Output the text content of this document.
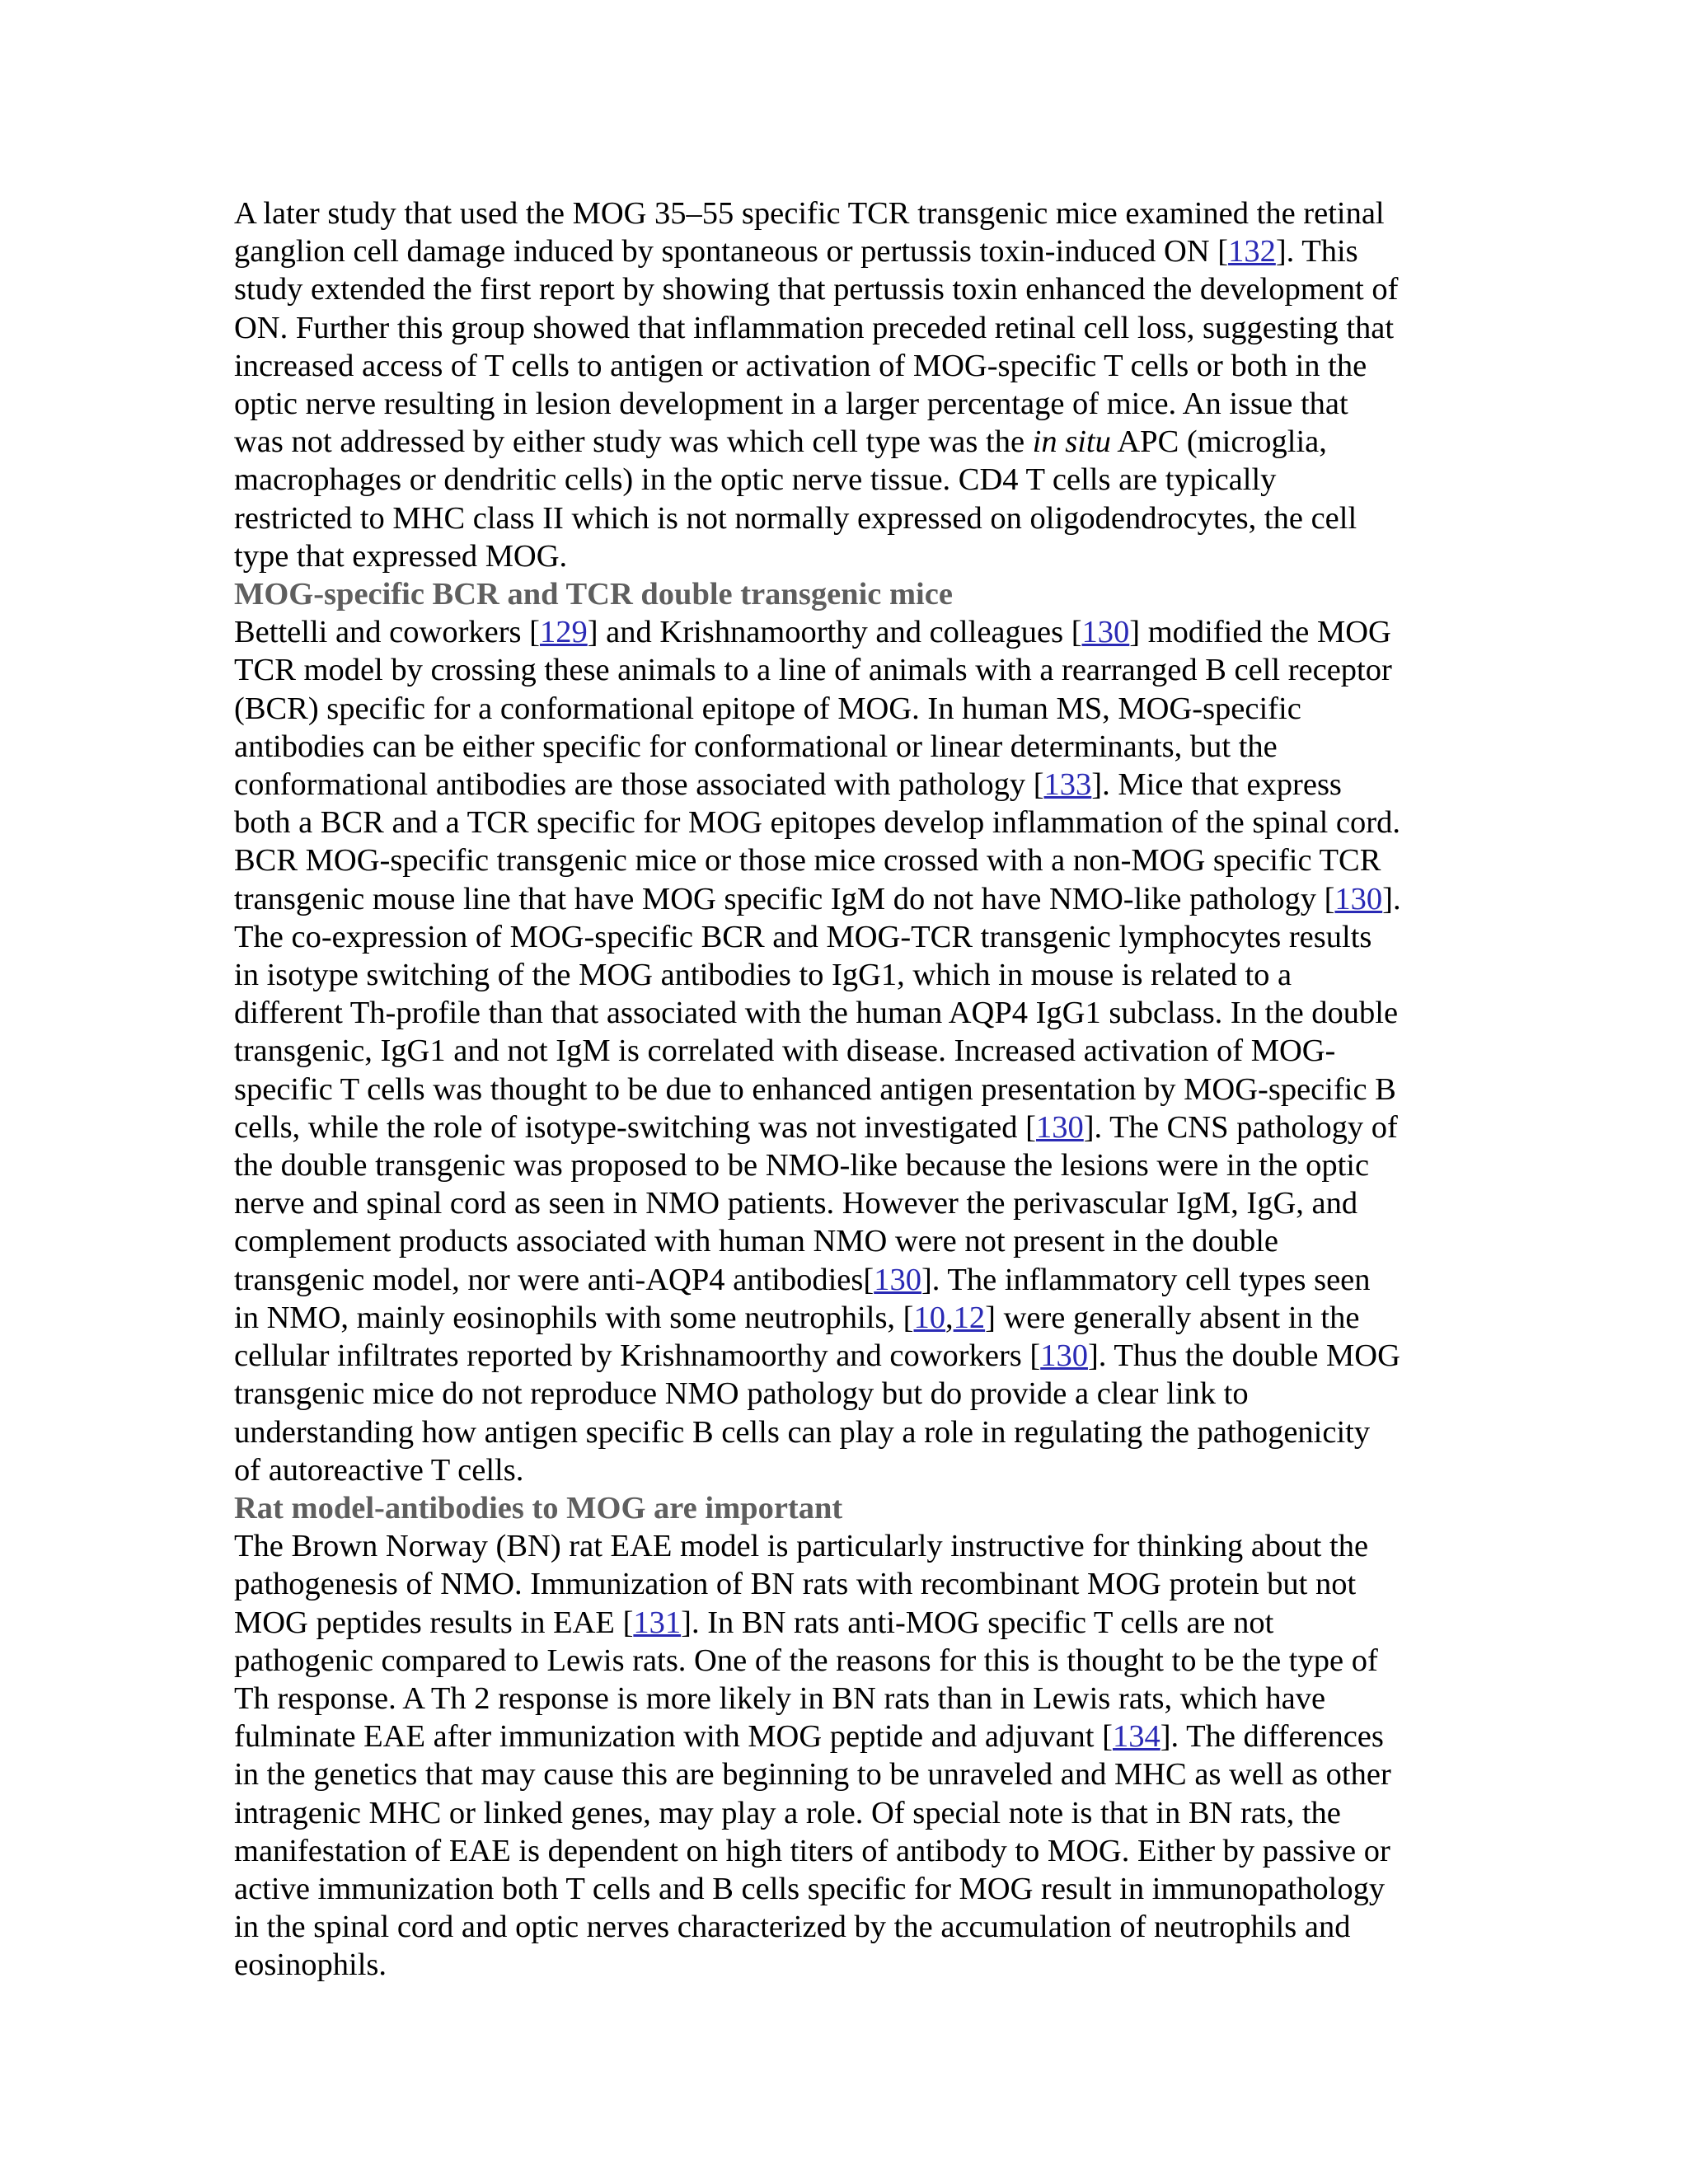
A later study that used the MOG 35–55 specific TCR transgenic mice examined the retinal
ganglion cell damage induced by spontaneous or pertussis toxin-induced ON [132]. This
study extended the first report by showing that pertussis toxin enhanced the development of
ON. Further this group showed that inflammation preceded retinal cell loss, suggesting that
increased access of T cells to antigen or activation of MOG-specific T cells or both in the
optic nerve resulting in lesion development in a larger percentage of mice. An issue that
was not addressed by either study was which cell type was the in situ APC (microglia,
macrophages or dendritic cells) in the optic nerve tissue. CD4 T cells are typically
restricted to MHC class II which is not normally expressed on oligodendrocytes, the cell
type that expressed MOG.
MOG-specific BCR and TCR double transgenic mice
Bettelli and coworkers [129] and Krishnamoorthy and colleagues [130] modified the MOG
TCR model by crossing these animals to a line of animals with a rearranged B cell receptor
(BCR) specific for a conformational epitope of MOG. In human MS, MOG-specific
antibodies can be either specific for conformational or linear determinants, but the
conformational antibodies are those associated with pathology [133]. Mice that express
both a BCR and a TCR specific for MOG epitopes develop inflammation of the spinal cord.
BCR MOG-specific transgenic mice or those mice crossed with a non-MOG specific TCR
transgenic mouse line that have MOG specific IgM do not have NMO-like pathology [130].
The co-expression of MOG-specific BCR and MOG-TCR transgenic lymphocytes results
in isotype switching of the MOG antibodies to IgG1, which in mouse is related to a
different Th-profile than that associated with the human AQP4 IgG1 subclass. In the double
transgenic, IgG1 and not IgM is correlated with disease. Increased activation of MOG-
specific T cells was thought to be due to enhanced antigen presentation by MOG-specific B
cells, while the role of isotype-switching was not investigated [130]. The CNS pathology of
the double transgenic was proposed to be NMO-like because the lesions were in the optic
nerve and spinal cord as seen in NMO patients. However the perivascular IgM, IgG, and
complement products associated with human NMO were not present in the double
transgenic model, nor were anti-AQP4 antibodies[130]. The inflammatory cell types seen
in NMO, mainly eosinophils with some neutrophils, [10,12] were generally absent in the
cellular infiltrates reported by Krishnamoorthy and coworkers [130]. Thus the double MOG
transgenic mice do not reproduce NMO pathology but do provide a clear link to
understanding how antigen specific B cells can play a role in regulating the pathogenicity
of autoreactive T cells.
Rat model-antibodies to MOG are important
The Brown Norway (BN) rat EAE model is particularly instructive for thinking about the
pathogenesis of NMO. Immunization of BN rats with recombinant MOG protein but not
MOG peptides results in EAE [131]. In BN rats anti-MOG specific T cells are not
pathogenic compared to Lewis rats. One of the reasons for this is thought to be the type of
Th response. A Th 2 response is more likely in BN rats than in Lewis rats, which have
fulminate EAE after immunization with MOG peptide and adjuvant [134]. The differences
in the genetics that may cause this are beginning to be unraveled and MHC as well as other
intragenic MHC or linked genes, may play a role. Of special note is that in BN rats, the
manifestation of EAE is dependent on high titers of antibody to MOG. Either by passive or
active immunization both T cells and B cells specific for MOG result in immunopathology
in the spinal cord and optic nerves characterized by the accumulation of neutrophils and
eosinophils.
